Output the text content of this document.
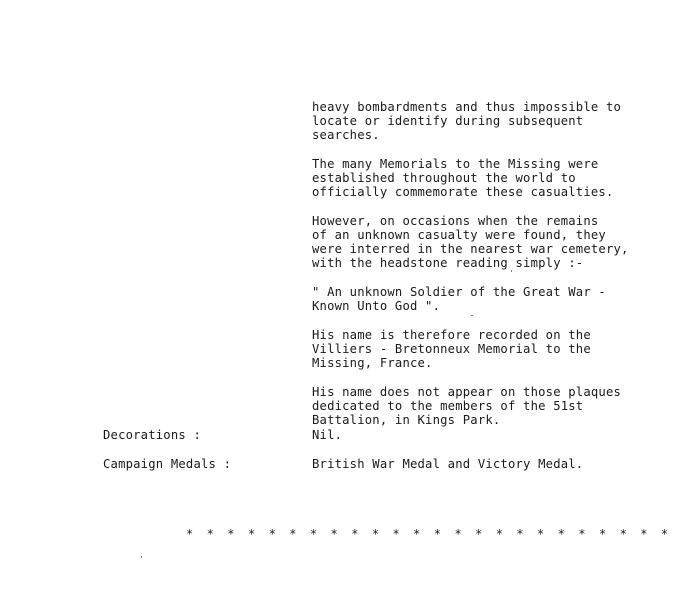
heavy bombardments and thus impossible to
locate or identify during subsequent
searches.

The many Memorials to the Missing were
established throughout the world to
officially commemorate these casualties.

However, on occasions when the remains
of an unknown casualty were found, they
were interred in the nearest war cemetery,
with the headstone reading simply :-

" An unknown Soldier of the Great War -
Known Unto God ".

His name is therefore recorded on the
Villiers - Bretonneux Memorial to the
Missing, France.

His name does not appear on those plaques
dedicated to the members of the 51st
Battalion, in Kings Park.

Decorations :	Nil.
Campaign Medals :	British War Medal and Victory Medal.
* * * * * * * * * * * * * * * * * * * * * * * *
